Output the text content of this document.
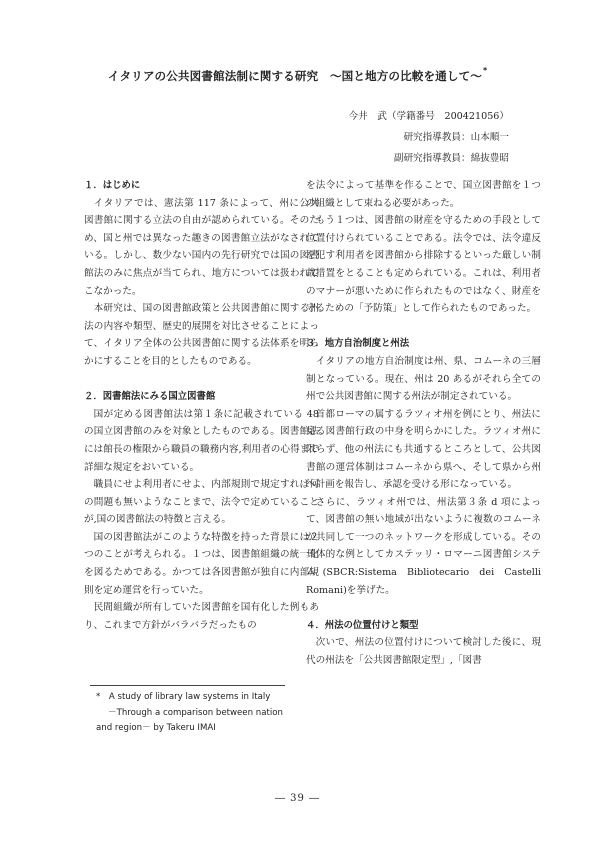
イタリアの公共図書館法制に関する研究　～国と地方の比較を通して～*
今井　武（学籍番号　200421056）
研究指導教員：山本順一
副研究指導教員：綿抜豊昭
１．はじめに

イタリアでは、憲法第 117 条によって、州に公共図書館に関する立法の自由が認められている。そのため、国と州では異なった趣きの図書館立法がなされている。しかし、数少ない国内の先行研究では国の図書館法のみに焦点が当てられ、地方については扱われてこなかった。

本研究は、国の図書館政策と公共図書館に関する州法の内容や類型、歴史的展開を対比させることによって、イタリア全体の公共図書館に関する法体系を明らかにすることを目的としたものである。

２．図書館法にみる国立図書館

国が定める図書館法は第１条に記載されている 48 の国立図書館のみを対象としたものである。図書館法には館長の権限から職員の職務内容,利用者の心得まで詳細な規定をおいている。

職員にせよ利用者にせよ、内部規則で規定すれば何の問題も無いようなことまで、法令で定めていることが,国の図書館法の特徴と言える。

国の図書館法がこのような特徴を持った背景には２つのことが考えられる。１つは、図書館組織の統一化を図るためである。かつては各図書館が独自に内部規則を定め運営を行っていた。

民間組織が所有していた図書館を国有化した例もあり、これまで方針がバラバラだったもの

を法令によって基準を作ることで、国立図書館を１つの組織として束ねる必要があった。

もう１つは、図書館の財産を守るための手段として位置付けられていることである。法令では、法令違反を犯す利用者を図書館から排除するといった厳しい制裁措置をとることも定められている。これは、利用者のマナーが悪いために作られたものではなく、財産を守るための「予防策」として作られたものであった。

３．地方自治制度と州法

イタリアの地方自治制度は州、県、コムーネの三層制となっている。現在、州は 20 あるがそれら全ての州で公共図書館に関する州法が制定されている。

首都ローマの属するラツィオ州を例にとり、州法に見る図書館行政の中身を明らかにした。ラツィオ州に限らず、他の州法にも共通するところとして、公共図書館の運営体制はコムーネから県へ、そして県から州へ計画を報告し、承認を受ける形になっている。

さらに、ラツィオ州では、州法第３条 d 項によって、図書館の無い地域が出ないように複数のコムーネが共同して一つのネットワークを形成している。その具体的な例としてカステッリ・ロマーニ図書館システム(SBCR:Sistema Bibliotecario dei Castelli Romani)を挙げた。

４．州法の位置付けと類型

次いで、州法の位置付けについて検討した後に、現代の州法を「公共図書館限定型」,「図書

*　A study of library law systems in Italy
－Through a comparison between nation
and region－ by Takeru IMAI
― 39 ―
